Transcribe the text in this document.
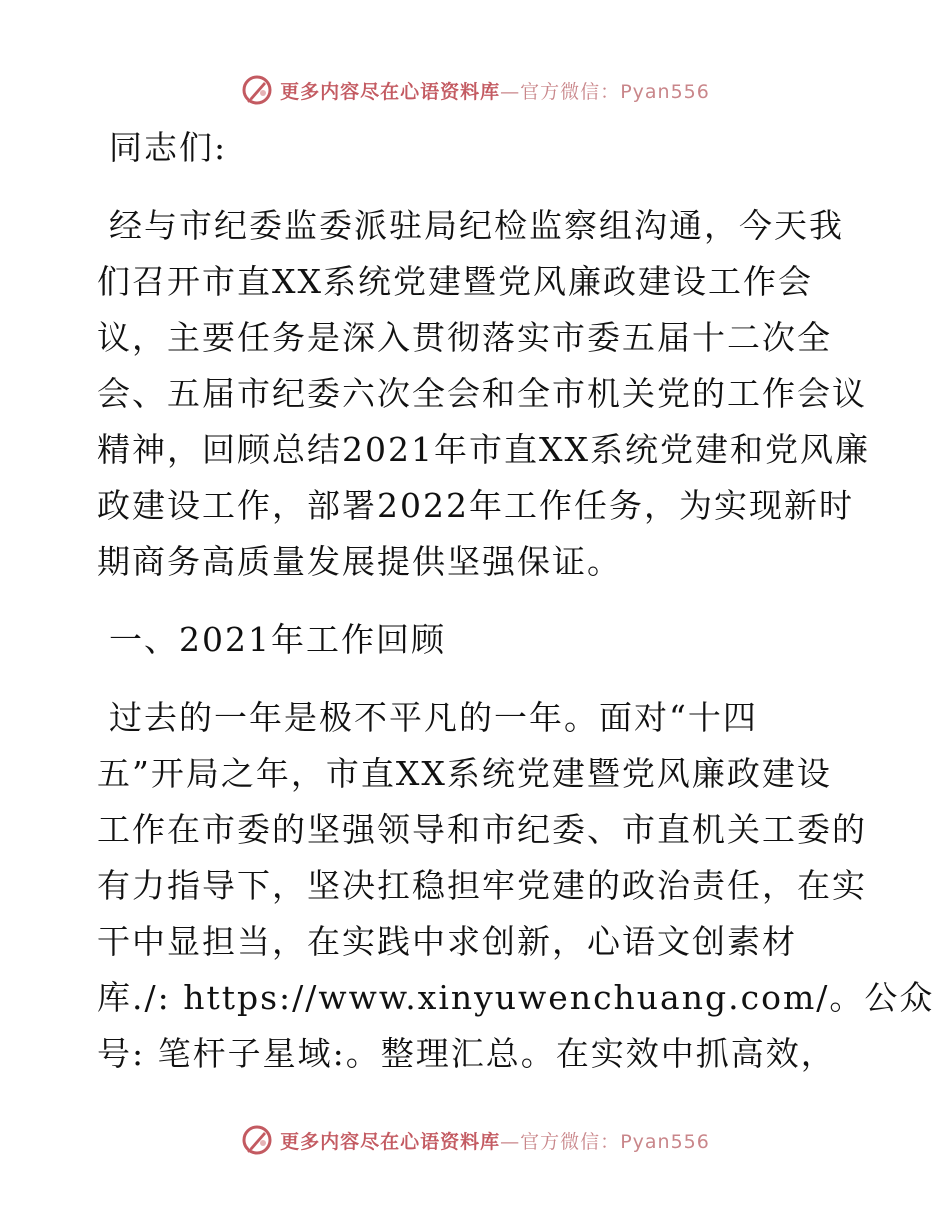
更多内容尽在心语资料库—官方微信：Pyan556

同志们:

经与市纪委监委派驻局纪检监察组沟通，今天我
们召开市直XX系统党建暨党风廉政建设工作会
议，主要任务是深入贯彻落实市委五届十二次全
会、五届市纪委六次全会和全市机关党的工作会议
精神，回顾总结2021年市直XX系统党建和党风廉
政建设工作，部署2022年工作任务，为实现新时
期商务高质量发展提供坚强保证。

一、2021年工作回顾

过去的一年是极不平凡的一年。面对“十四
五”开局之年，市直XX系统党建暨党风廉政建设
工作在市委的坚强领导和市纪委、市直机关工委的
有力指导下，坚决扛稳担牢党建的政治责任，在实
干中显担当，在实践中求创新，心语文创素材
库./: https://www.xinyuwenchuang.com/。公众
号: 笔杆子星域:。整理汇总。在实效中抓高效，

更多内容尽在心语资料库—官方微信：Pyan556
